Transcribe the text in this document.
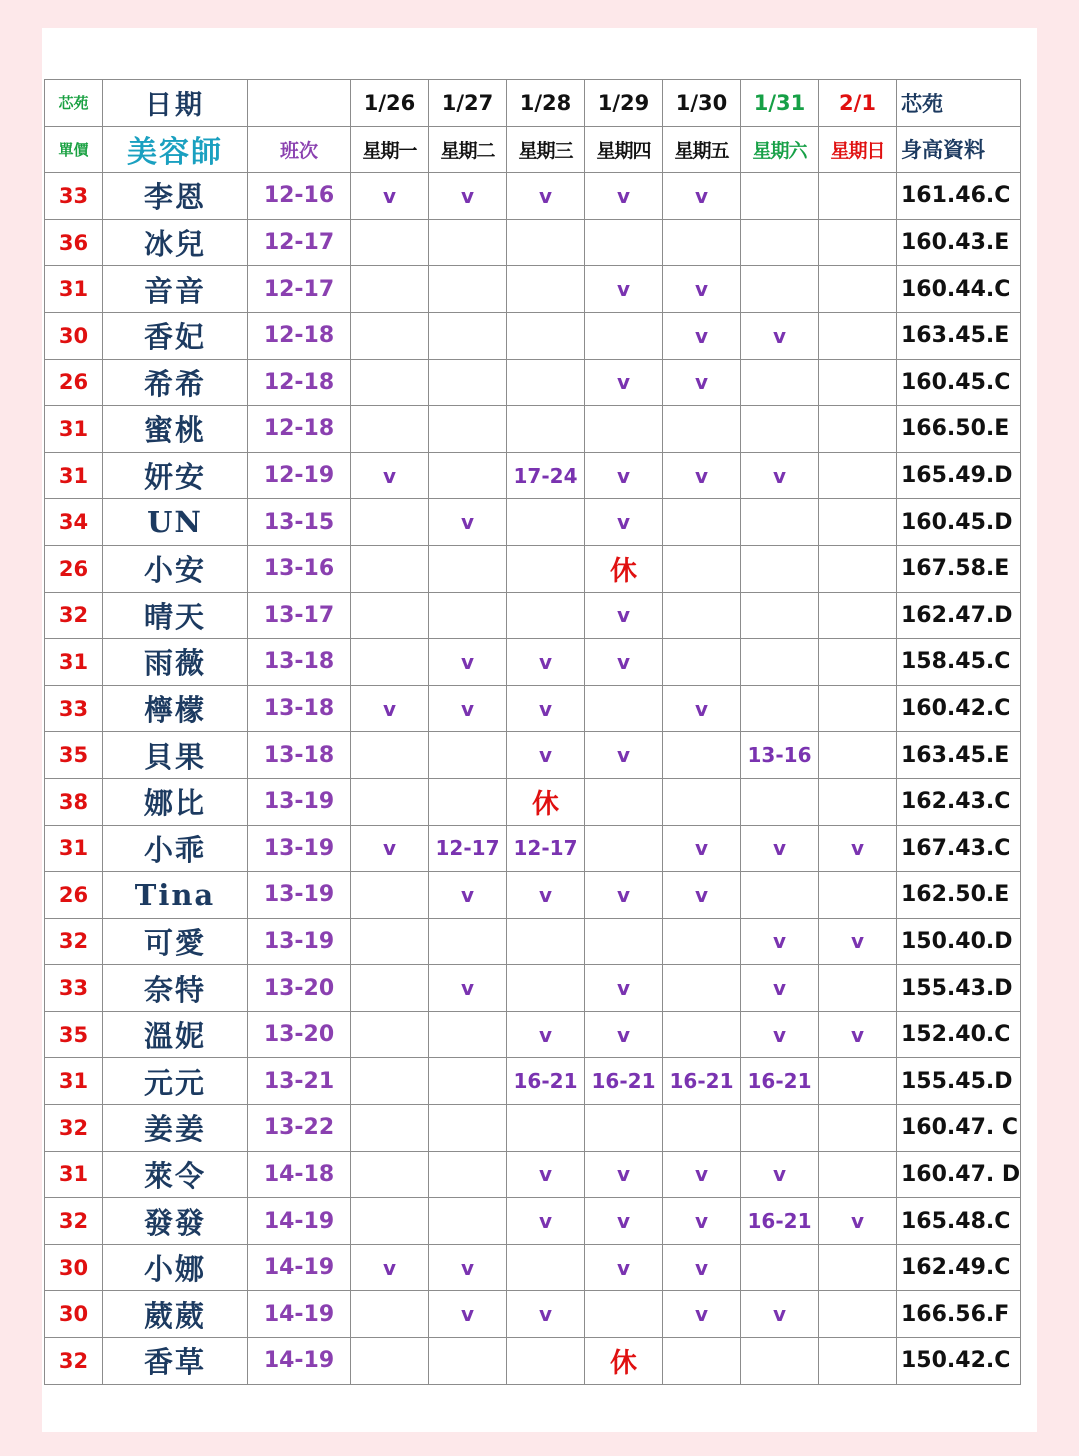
芯苑	日期		1/26	1/27	1/28	1/29	1/30	1/31	2/1	芯苑
單價	美容師	班次	星期一	星期二	星期三	星期四	星期五	星期六	星期日	身高資料
33	李恩	12-16	v	v	v	v	v			161.46.C
36	冰兒	12-17								160.43.E
31	音音	12-17				v	v			160.44.C
30	香妃	12-18					v	v		163.45.E
26	希希	12-18				v	v			160.45.C
31	蜜桃	12-18								166.50.E
31	妍安	12-19	v		17-24	v	v	v		165.49.D
34	UN	13-15		v		v				160.45.D
26	小安	13-16				休				167.58.E
32	晴天	13-17				v				162.47.D
31	雨薇	13-18		v	v	v				158.45.C
33	檸檬	13-18	v	v	v		v			160.42.C
35	貝果	13-18			v	v		13-16		163.45.E
38	娜比	13-19			休					162.43.C
31	小乖	13-19	v	12-17	12-17		v	v	v	167.43.C
26	Tina	13-19		v	v	v	v			162.50.E
32	可愛	13-19						v	v	150.40.D
33	奈特	13-20		v		v		v		155.43.D
35	溫妮	13-20			v	v		v	v	152.40.C
31	元元	13-21			16-21	16-21	16-21	16-21		155.45.D
32	姜姜	13-22								160.47. C
31	萊令	14-18			v	v	v	v		160.47. D
32	發發	14-19			v	v	v	16-21	v	165.48.C
30	小娜	14-19	v	v		v	v			162.49.C
30	葳葳	14-19		v	v		v	v		166.56.F
32	香草	14-19				休				150.42.C
